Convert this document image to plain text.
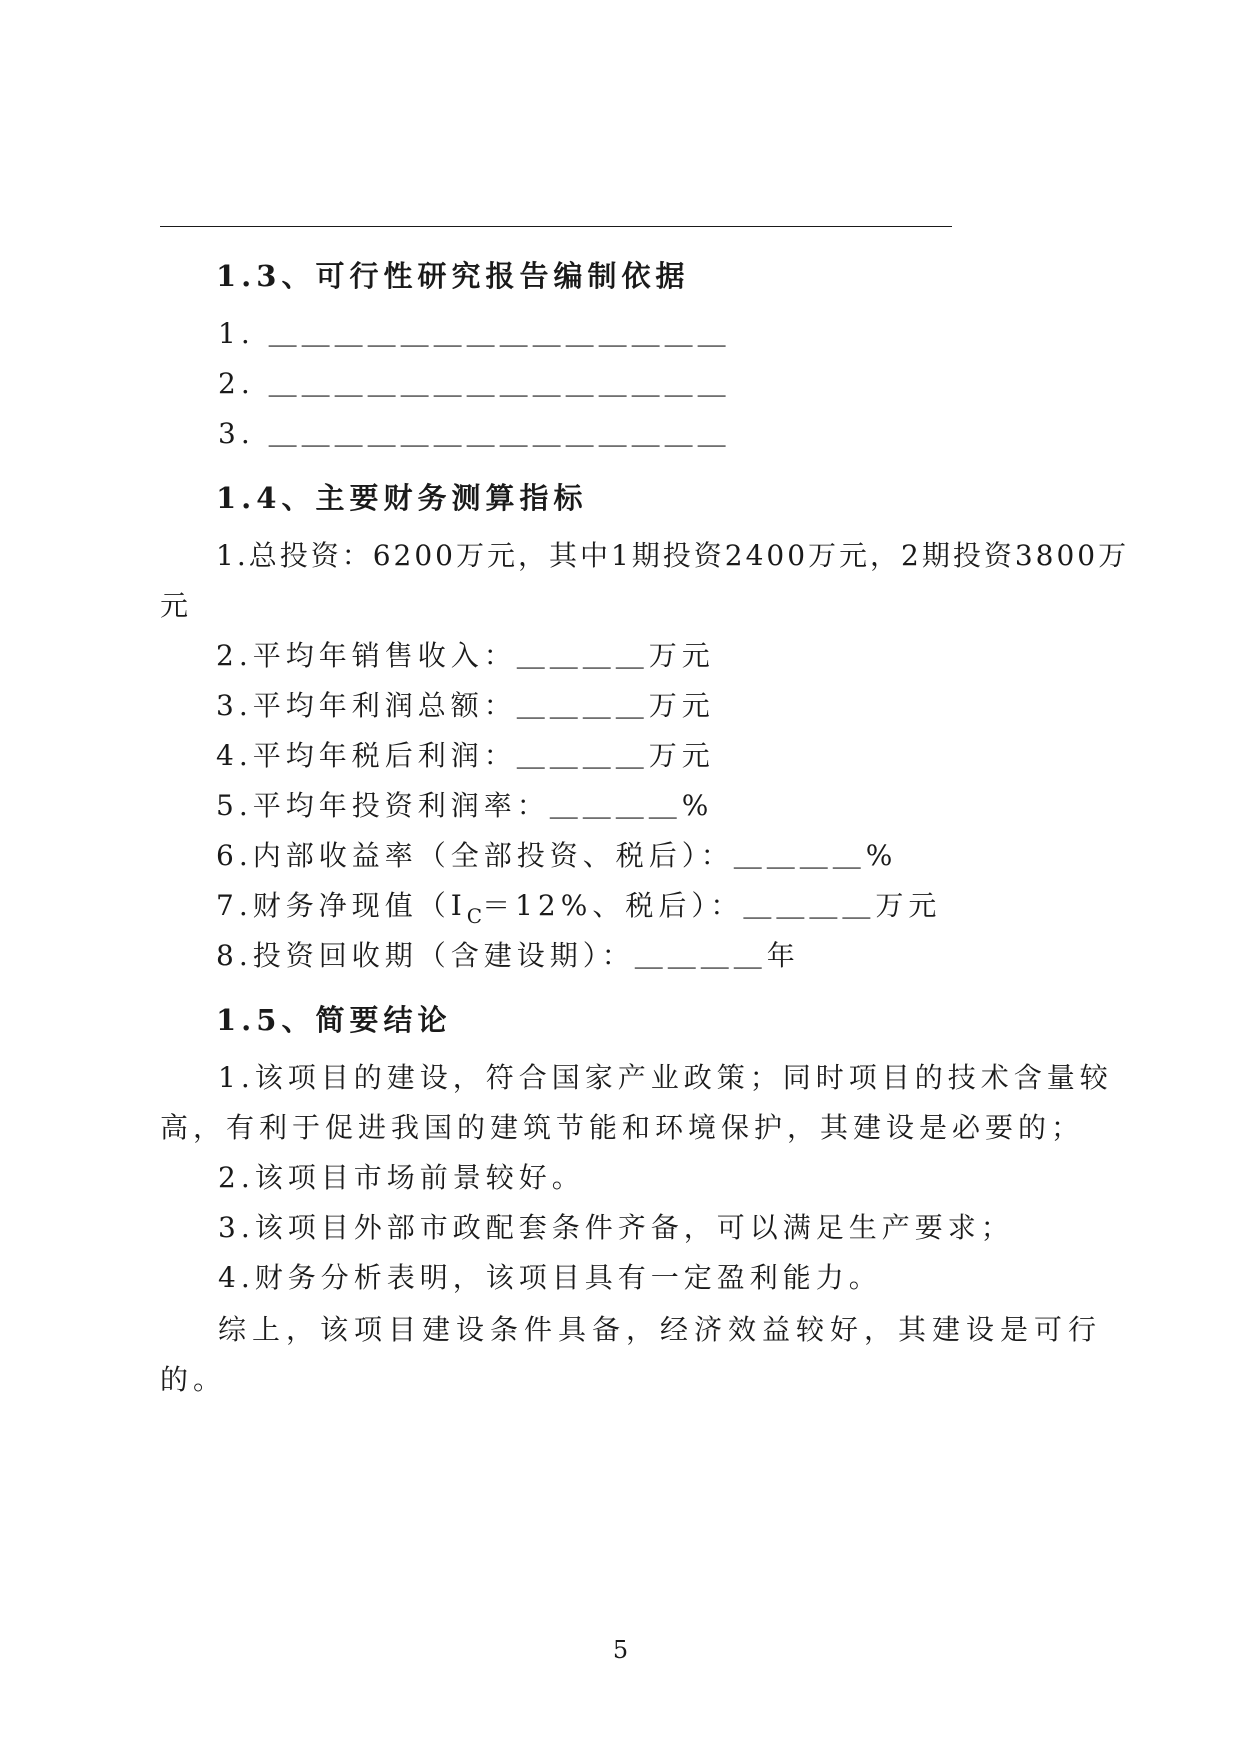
＿＿＿＿＿＿＿＿＿＿＿＿＿＿＿＿＿＿＿＿＿＿＿＿＿＿＿＿＿＿＿＿＿
1.3、可行性研究报告编制依据
1. ＿＿＿＿＿＿＿＿＿＿＿＿＿＿
2. ＿＿＿＿＿＿＿＿＿＿＿＿＿＿
3. ＿＿＿＿＿＿＿＿＿＿＿＿＿＿
1.4、主要财务测算指标
1.总投资：6200万元，其中1期投资2400万元，2期投资3800万
元
2.平均年销售收入：＿＿＿＿万元
3.平均年利润总额：＿＿＿＿万元
4.平均年税后利润：＿＿＿＿万元
5.平均年投资利润率：＿＿＿＿%
6.内部收益率（全部投资、税后）：＿＿＿＿%
7.财务净现值（$I_C=12\%$、税后）：＿＿＿＿万元
8.投资回收期（含建设期）：＿＿＿＿年
1.5、简要结论
1.该项目的建设，符合国家产业政策；同时项目的技术含量较
高，有利于促进我国的建筑节能和环境保护，其建设是必要的；
2.该项目市场前景较好。
3.该项目外部市政配套条件齐备，可以满足生产要求；
4.财务分析表明，该项目具有一定盈利能力。
综上，该项目建设条件具备，经济效益较好，其建设是可行
的。
5
